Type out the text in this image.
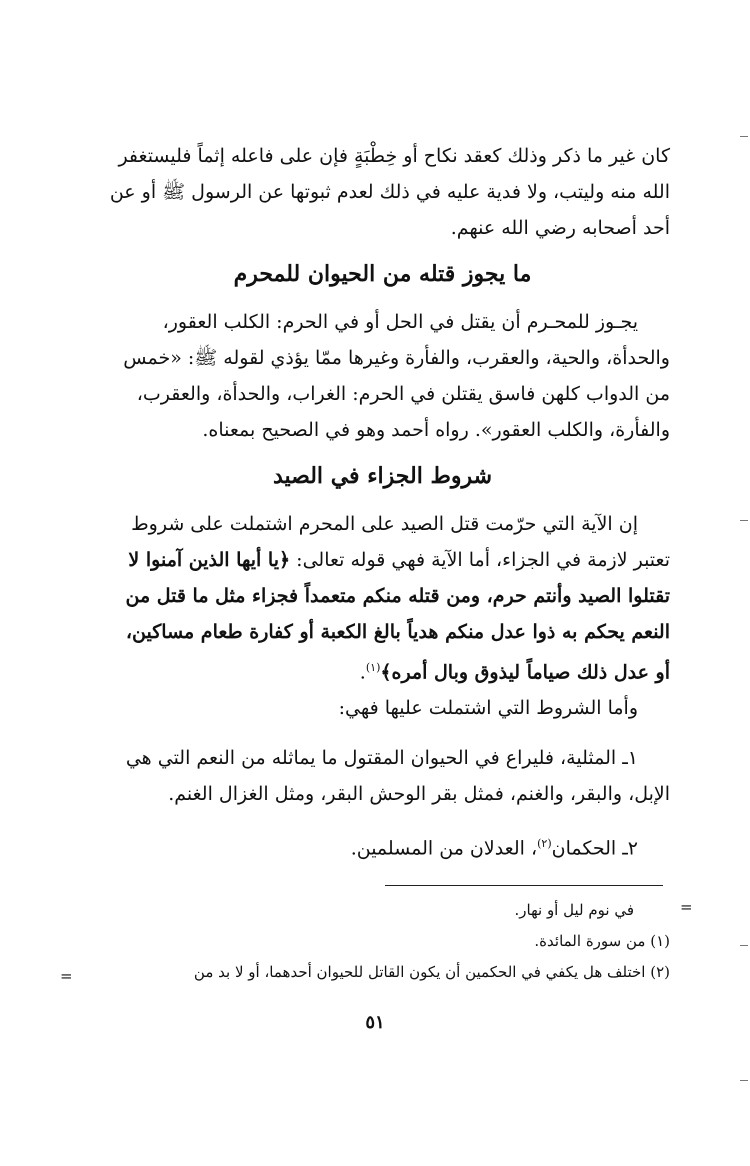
كان غير ما ذكر وذلك كعقد نكاح أو خِطْبَةٍ فإن على فاعله إثماً فليستغفر

الله منه وليتب، ولا فدية عليه في ذلك لعدم ثبوتها عن الرسول ﷺ أو عن

أحد أصحابه رضي الله عنهم.

ما يجوز قتله من الحيوان للمحرم

يجـوز للمحـرم أن يقتل في الحل أو في الحرم: الكلب العقور،

والحدأة، والحية، والعقرب، والفأرة وغيرها ممّا يؤذي لقوله ﷺ: «خمس

من الدواب كلهن فاسق يقتلن في الحرم: الغراب، والحدأة، والعقرب،

والفأرة، والكلب العقور». رواه أحمد وهو في الصحيح بمعناه.

شروط الجزاء في الصيد

إن الآية التي حرّمت قتل الصيد على المحرم اشتملت على شروط

تعتبر لازمة في الجزاء، أما الآية فهي قوله تعالى: ﴿يا أيها الذين آمنوا لا

تقتلوا الصيد وأنتم حرم، ومن قتله منكم متعمداً فجزاء مثل ما قتل من

النعم يحكم به ذوا عدل منكم هدياً بالغ الكعبة أو كفارة طعام مساكين،

أو عدل ذلك صياماً ليذوق وبال أمره﴾$^{(١)}$.

وأما الشروط التي اشتملت عليها فهي:

١ـ المثلية، فليراع في الحيوان المقتول ما يماثله من النعم التي هي

الإبل، والبقر، والغنم، فمثل بقر الوحش البقر، ومثل الغزال الغنم.

٢ـ الحكمان$^{(٢)}$، العدلان من المسلمين.

=

في نوم ليل أو نهار.

(١) من سورة المائدة.

(٢) اختلف هل يكفي في الحكمين أن يكون القاتل للحيوان أحدهما، أو لا بد من

=
٥١
